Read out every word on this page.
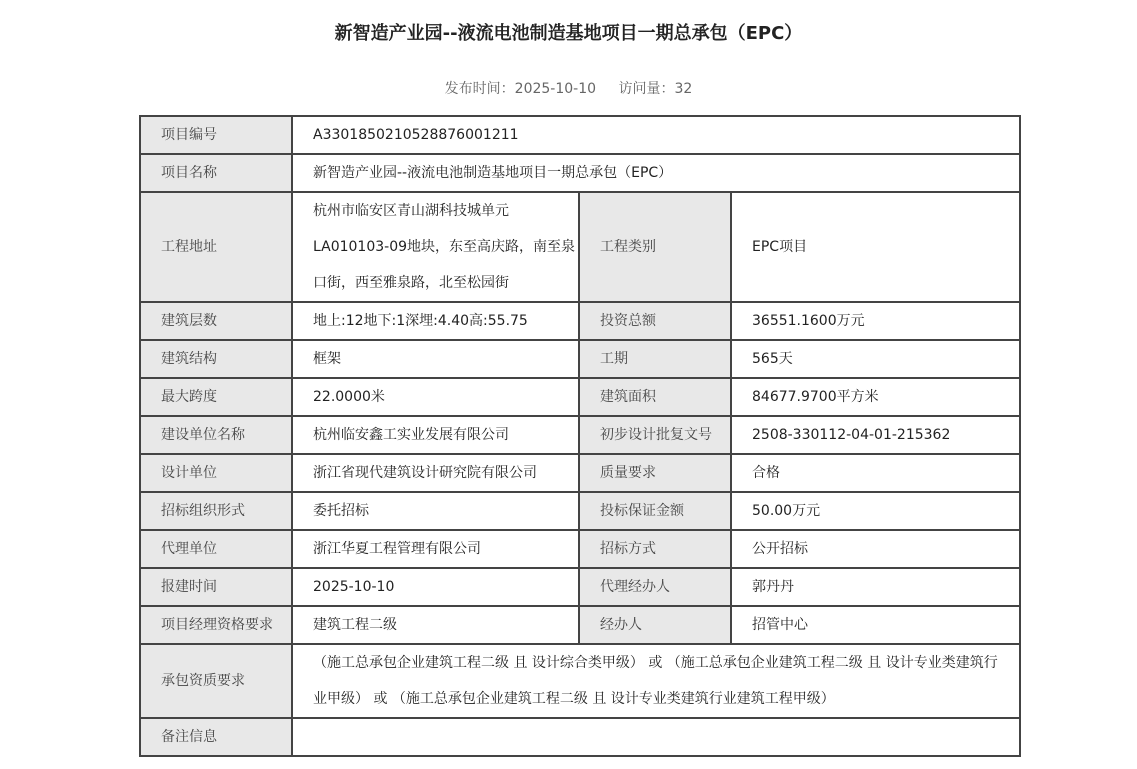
新智造产业园--液流电池制造基地项目一期总承包（EPC）
发布时间：2025-10-10 访问量：32
项目编号	A3301850210528876001211		
项目名称	新智造产业园--液流电池制造基地项目一期总承包（EPC）		
工程地址	杭州市临安区青山湖科技城单元LA010103-09地块，东至高庆路，南至泉口街，西至雅泉路，北至松园街	工程类别	EPC项目
建筑层数	地上:12地下:1深埋:4.40高:55.75	投资总额	36551.1600万元
建筑结构	框架	工期	565天
最大跨度	22.0000米	建筑面积	84677.9700平方米
建设单位名称	杭州临安鑫工实业发展有限公司	初步设计批复文号	2508-330112-04-01-215362
设计单位	浙江省现代建筑设计研究院有限公司	质量要求	合格
招标组织形式	委托招标	投标保证金额	50.00万元
代理单位	浙江华夏工程管理有限公司	招标方式	公开招标
报建时间	2025-10-10	代理经办人	郭丹丹
项目经理资格要求	建筑工程二级	经办人	招管中心
承包资质要求	（施工总承包企业建筑工程二级 且 设计综合类甲级） 或 （施工总承包企业建筑工程二级 且 设计专业类建筑行业甲级） 或 （施工总承包企业建筑工程二级 且 设计专业类建筑行业建筑工程甲级）		
备注信息			
